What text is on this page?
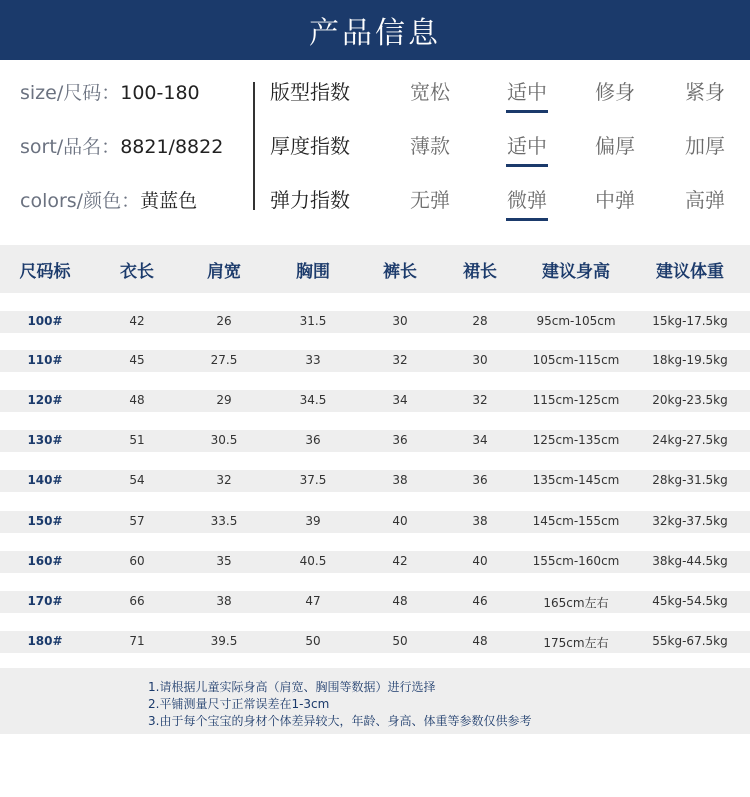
产品信息
size/尺码：100-180
sort/品名：8821/8822
colors/颜色：黄蓝色
版型指数	宽松	适中	修身	紧身
厚度指数	薄款	适中	偏厚	加厚
弹力指数	无弹	微弹	中弹	高弹
尺码标	衣长	肩宽	胸围	裤长	裙长	建议身高	建议体重
100#	42	26	31.5	30	28	95cm-105cm	15kg-17.5kg
110#	45	27.5	33	32	30	105cm-115cm	18kg-19.5kg
120#	48	29	34.5	34	32	115cm-125cm	20kg-23.5kg
130#	51	30.5	36	36	34	125cm-135cm	24kg-27.5kg
140#	54	32	37.5	38	36	135cm-145cm	28kg-31.5kg
150#	57	33.5	39	40	38	145cm-155cm	32kg-37.5kg
160#	60	35	40.5	42	40	155cm-160cm	38kg-44.5kg
170#	66	38	47	48	46	165cm左右	45kg-54.5kg
180#	71	39.5	50	50	48	175cm左右	55kg-67.5kg
1.请根据儿童实际身高（肩宽、胸围等数据）进行选择
2.平铺测量尺寸正常误差在1-3cm
3.由于每个宝宝的身材个体差异较大，年龄、身高、体重等参数仅供参考
